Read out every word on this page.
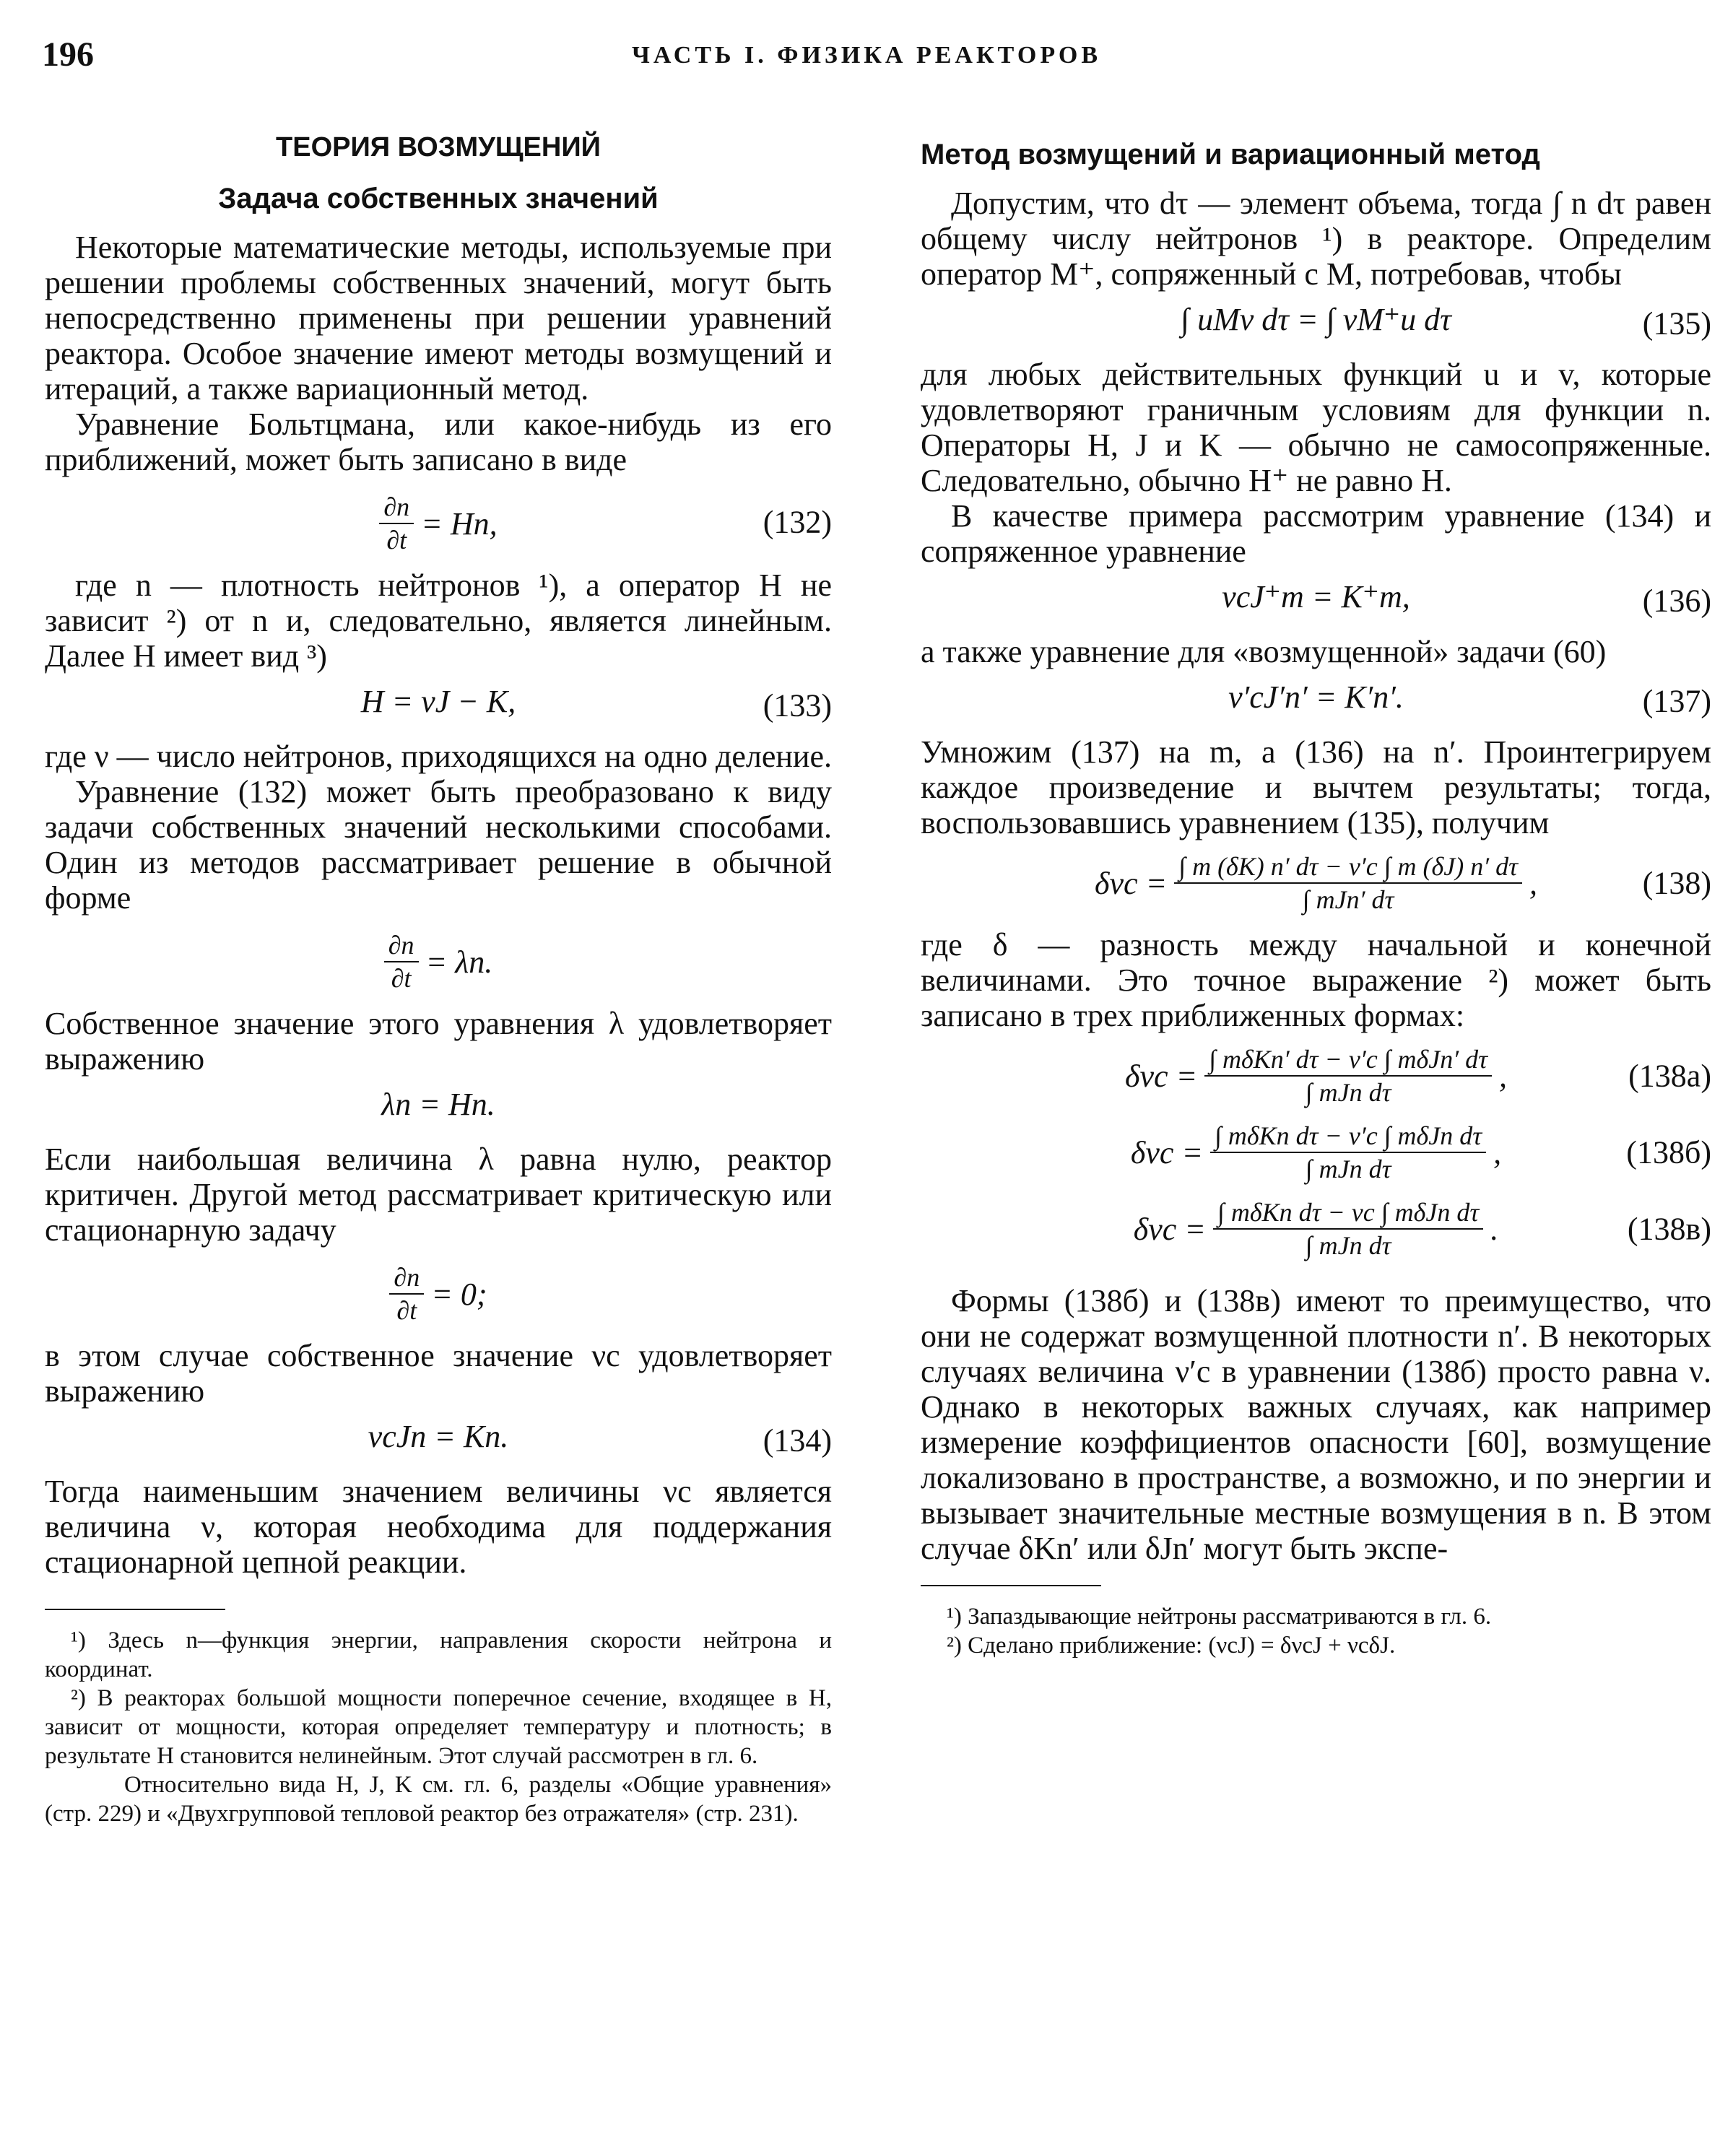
196	ЧАСТЬ I. ФИЗИКА РЕАКТОРОВ
ТЕОРИЯ ВОЗМУЩЕНИЙ
Задача собственных значений

Некоторые математические методы, используемые при решении проблемы собственных значений, могут быть непосредственно применены при решении уравнений реактора. Особое значение имеют методы возмущений и итераций, а также вариационный метод.

Уравнение Больтцмана, или какое-нибудь из его приближений, может быть записано в виде

$\frac{\partial n}{\partial t} = Hn$,	(132)

где n — плотность нейтронов ¹), а оператор H не зависит ²) от n и, следовательно, является линейным. Далее H имеет вид ³)

H = νJ − K,	(133)

где ν — число нейтронов, приходящихся на одно деление.

Уравнение (132) может быть преобразовано к виду задачи собственных значений несколькими способами. Один из методов рассматривает решение в обычной форме

$\frac{\partial n}{\partial t} = \lambda n$.

Собственное значение этого уравнения λ удовлетворяет выражению

λn = Hn.

Если наибольшая величина λ равна нулю, реактор критичен. Другой метод рассматривает критическую или стационарную задачу

$\frac{\partial n}{\partial t} = 0$;

в этом случае собственное значение νc удовлетворяет выражению

νcJn = Kn.	(134)

Тогда наименьшим значением величины νc является величина ν, которая необходима для поддержания стационарной цепной реакции.

¹) Здесь n—функция энергии, направления скорости нейтрона и координат.

²) В реакторах большой мощности поперечное сечение, входящее в H, зависит от мощности, которая определяет температуру и плотность; в результате H становится нелинейным. Этот случай рассмотрен в гл. 6.

Относительно вида H, J, K см. гл. 6, разделы «Общие уравнения» (стр. 229) и «Двухгрупповой тепловой реактор без отражателя» (стр. 231).

Метод возмущений и вариационный метод

Допустим, что dτ — элемент объема, тогда ∫ n dτ равен общему числу нейтронов ¹) в реакторе. Определим оператор M⁺, сопряженный с M, потребовав, чтобы

∫ uMv dτ = ∫ vM⁺u dτ	(135)

для любых действительных функций u и v, которые удовлетворяют граничным условиям для функции n. Операторы H, J и K — обычно не самосопряженные. Следовательно, обычно H⁺ не равно H.

В качестве примера рассмотрим уравнение (134) и сопряженное уравнение

νcJ⁺m = K⁺m,	(136)

а также уравнение для «возмущенной» задачи (60)

ν′cJ′n′ = K′n′.	(137)

Умножим (137) на m, а (136) на n′. Проинтегрируем каждое произведение и вычтем результаты; тогда, воспользовавшись уравнением (135), получим

$\delta\nu c = \frac{\int m (\delta K) n' d\tau - \nu'c \int m (\delta J) n' d\tau}{\text{∫ mJn′ dτ}}$ ,	(138)

где δ — разность между начальной и конечной величинами. Это точное выражение ²) может быть записано в трех приближенных формах:

$\delta\nu c = \frac{\text{∫ mδKn′ dτ − ν′c ∫ mδJn′ dτ}}{\text{∫ mJn dτ}}$ ,	(138а)
$\delta\nu c = \frac{\text{∫ mδKn dτ − ν′c ∫ mδJn dτ}}{\text{∫ mJn dτ}}$ ,	(138б)
$\delta\nu c = \frac{\text{∫ mδKn dτ − νc ∫ mδJn dτ}}{\text{∫ mJn dτ}}$ .	(138в)

Формы (138б) и (138в) имеют то преимущество, что они не содержат возмущенной плотности n′. В некоторых случаях величина ν′c в уравнении (138б) просто равна ν. Однако в некоторых важных случаях, как например измерение коэффициентов опасности [60], возмущение локализовано в пространстве, а возможно, и по энергии и вызывает значительные местные возмущения в n. В этом случае δKn′ или δJn′ могут быть экспе-

¹) Запаздывающие нейтроны рассматриваются в гл. 6.

²) Сделано приближение: (νcJ) = δνcJ + νcδJ.
